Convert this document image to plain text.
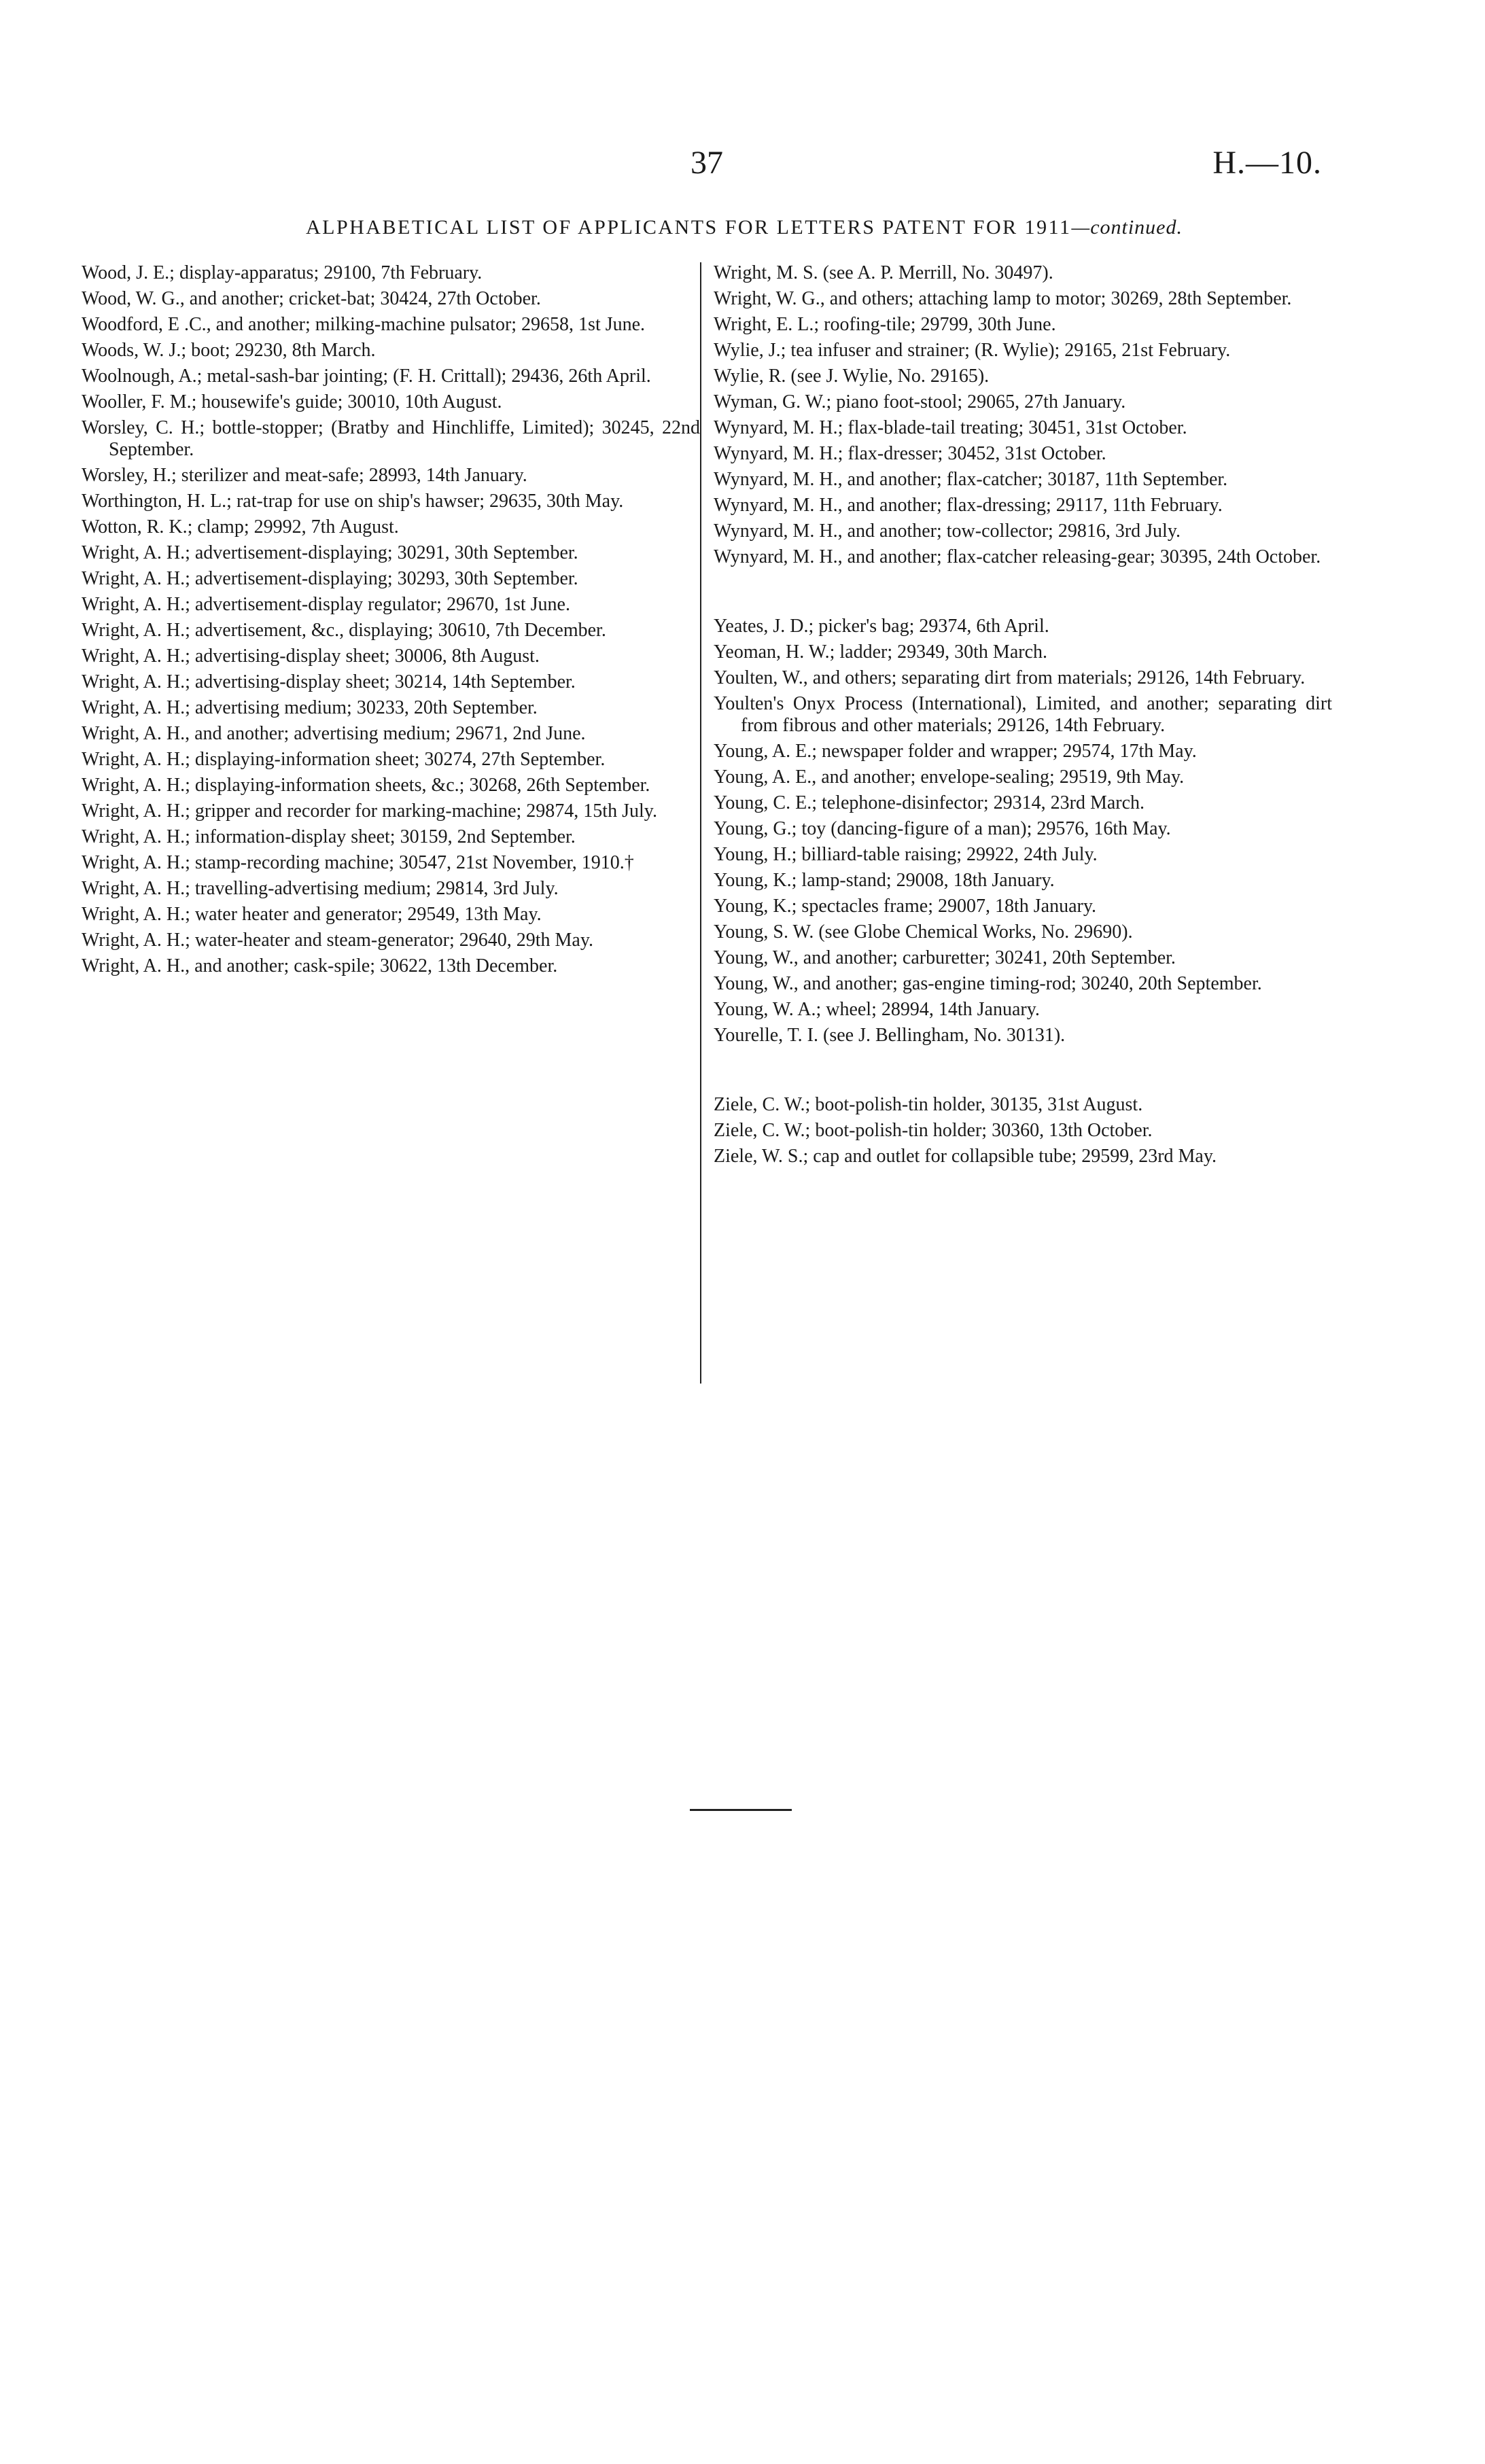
37	H.—10.
ALPHABETICAL LIST OF APPLICANTS FOR LETTERS PATENT FOR 1911—continued.
Wood, J. E.; display-apparatus; 29100, 7th February.
Wood, W. G., and another; cricket-bat; 30424, 27th October.
Woodford, E .C., and another; milking-machine pulsator; 29658, 1st June.
Woods, W. J.; boot; 29230, 8th March.
Woolnough, A.; metal-sash-bar jointing; (F. H. Crittall); 29436, 26th April.
Wooller, F. M.; housewife's guide; 30010, 10th August.
Worsley, C. H.; bottle-stopper; (Bratby and Hinchliffe, Limited); 30245, 22nd September.
Worsley, H.; sterilizer and meat-safe; 28993, 14th January.
Worthington, H. L.; rat-trap for use on ship's hawser; 29635, 30th May.
Wotton, R. K.; clamp; 29992, 7th August.
Wright, A. H.; advertisement-displaying; 30291, 30th September.
Wright, A. H.; advertisement-displaying; 30293, 30th September.
Wright, A. H.; advertisement-display regulator; 29670, 1st June.
Wright, A. H.; advertisement, &c., displaying; 30610, 7th December.
Wright, A. H.; advertising-display sheet; 30006, 8th August.
Wright, A. H.; advertising-display sheet; 30214, 14th September.
Wright, A. H.; advertising medium; 30233, 20th September.
Wright, A. H., and another; advertising medium; 29671, 2nd June.
Wright, A. H.; displaying-information sheet; 30274, 27th September.
Wright, A. H.; displaying-information sheets, &c.; 30268, 26th September.
Wright, A. H.; gripper and recorder for marking-machine; 29874, 15th July.
Wright, A. H.; information-display sheet; 30159, 2nd September.
Wright, A. H.; stamp-recording machine; 30547, 21st November, 1910.†
Wright, A. H.; travelling-advertising medium; 29814, 3rd July.
Wright, A. H.; water heater and generator; 29549, 13th May.
Wright, A. H.; water-heater and steam-generator; 29640, 29th May.
Wright, A. H., and another; cask-spile; 30622, 13th December.
Wright, M. S. (see A. P. Merrill, No. 30497).
Wright, W. G., and others; attaching lamp to motor; 30269, 28th September.
Wright, E. L.; roofing-tile; 29799, 30th June.
Wylie, J.; tea infuser and strainer; (R. Wylie); 29165, 21st February.
Wylie, R. (see J. Wylie, No. 29165).
Wyman, G. W.; piano foot-stool; 29065, 27th January.
Wynyard, M. H.; flax-blade-tail treating; 30451, 31st October.
Wynyard, M. H.; flax-dresser; 30452, 31st October.
Wynyard, M. H., and another; flax-catcher; 30187, 11th September.
Wynyard, M. H., and another; flax-dressing; 29117, 11th February.
Wynyard, M. H., and another; tow-collector; 29816, 3rd July.
Wynyard, M. H., and another; flax-catcher releasing-gear; 30395, 24th October.
Yeates, J. D.; picker's bag; 29374, 6th April.
Yeoman, H. W.; ladder; 29349, 30th March.
Youlten, W., and others; separating dirt from materials; 29126, 14th February.
Youlten's Onyx Process (International), Limited, and another; separating dirt from fibrous and other materials; 29126, 14th February.
Young, A. E.; newspaper folder and wrapper; 29574, 17th May.
Young, A. E., and another; envelope-sealing; 29519, 9th May.
Young, C. E.; telephone-disinfector; 29314, 23rd March.
Young, G.; toy (dancing-figure of a man); 29576, 16th May.
Young, H.; billiard-table raising; 29922, 24th July.
Young, K.; lamp-stand; 29008, 18th January.
Young, K.; spectacles frame; 29007, 18th January.
Young, S. W. (see Globe Chemical Works, No. 29690).
Young, W., and another; carburetter; 30241, 20th September.
Young, W., and another; gas-engine timing-rod; 30240, 20th September.
Young, W. A.; wheel; 28994, 14th January.
Yourelle, T. I. (see J. Bellingham, No. 30131).
Ziele, C. W.; boot-polish-tin holder, 30135, 31st August.
Ziele, C. W.; boot-polish-tin holder; 30360, 13th October.
Ziele, W. S.; cap and outlet for collapsible tube; 29599, 23rd May.
